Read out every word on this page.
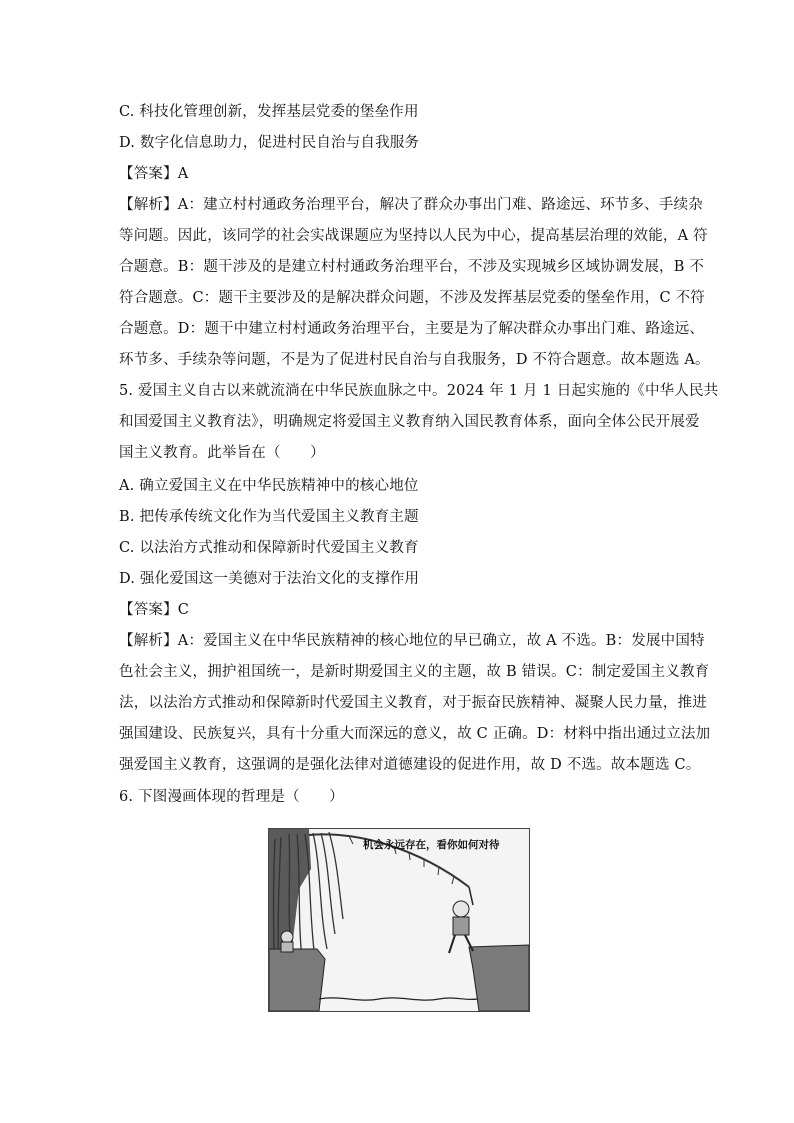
C. 科技化管理创新，发挥基层党委的堡垒作用
D. 数字化信息助力，促进村民自治与自我服务
【答案】A
【解析】A：建立村村通政务治理平台，解决了群众办事出门难、路途远、环节多、手续杂
等问题。因此，该同学的社会实战课题应为坚持以人民为中心，提高基层治理的效能，A 符
合题意。B：题干涉及的是建立村村通政务治理平台，不涉及实现城乡区域协调发展，B 不
符合题意。C：题干主要涉及的是解决群众问题，不涉及发挥基层党委的堡垒作用，C 不符
合题意。D：题干中建立村村通政务治理平台，主要是为了解决群众办事出门难、路途远、
环节多、手续杂等问题，不是为了促进村民自治与自我服务，D 不符合题意。故本题选 A。
5. 爱国主义自古以来就流淌在中华民族血脉之中。2024 年 1 月 1 日起实施的《中华人民共
和国爱国主义教育法》，明确规定将爱国主义教育纳入国民教育体系，面向全体公民开展爱
国主义教育。此举旨在（　　）
A. 确立爱国主义在中华民族精神中的核心地位
B. 把传承传统文化作为当代爱国主义教育主题
C. 以法治方式推动和保障新时代爱国主义教育
D. 强化爱国这一美德对于法治文化的支撑作用
【答案】C
【解析】A：爱国主义在中华民族精神的核心地位的早已确立，故 A 不选。B：发展中国特
色社会主义，拥护祖国统一，是新时期爱国主义的主题，故 B 错误。C：制定爱国主义教育
法，以法治方式推动和保障新时代爱国主义教育，对于振奋民族精神、凝聚人民力量，推进
强国建设、民族复兴，具有十分重大而深远的意义，故 C 正确。D：材料中指出通过立法加
强爱国主义教育，这强调的是强化法律对道德建设的促进作用，故 D 不选。故本题选 C。
6. 下图漫画体现的哲理是（　　）
机会永远存在，看你如何对待
